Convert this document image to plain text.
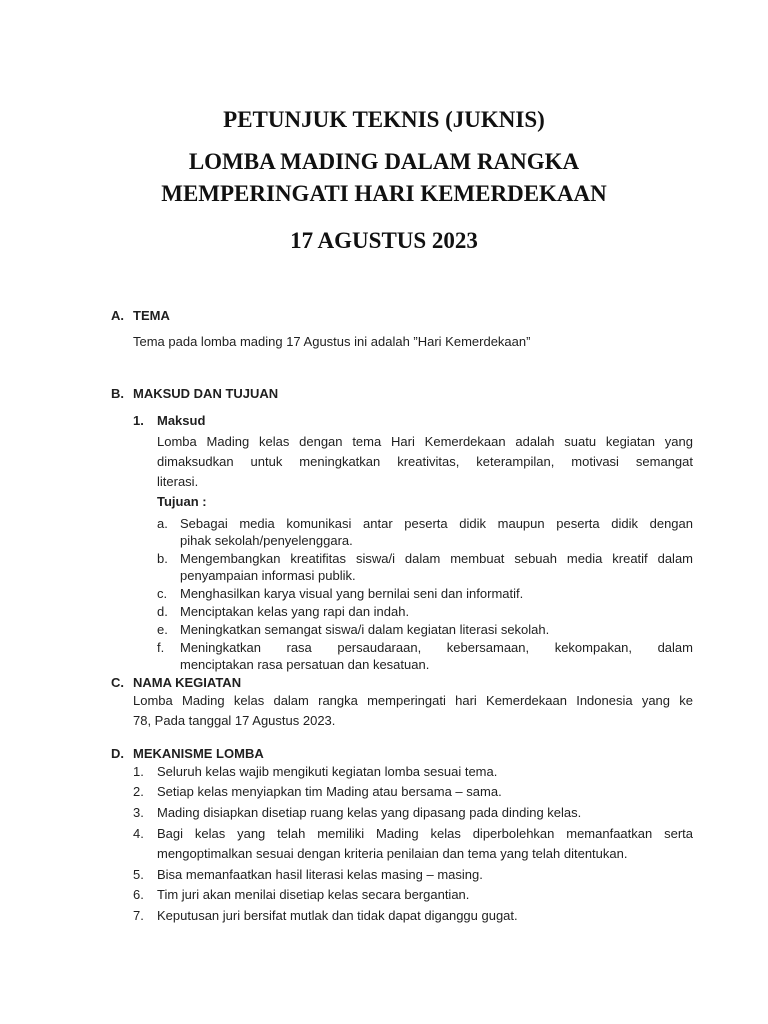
PETUNJUK TEKNIS (JUKNIS)
LOMBA MADING DALAM RANGKA
MEMPERINGATI HARI KEMERDEKAAN
17 AGUSTUS 2023
A. TEMA
Tema pada lomba mading 17 Agustus ini adalah ”Hari Kemerdekaan”
B. MAKSUD DAN TUJUAN
1. Maksud
Lomba Mading kelas dengan tema Hari Kemerdekaan adalah suatu kegiatan yang
dimaksudkan untuk meningkatkan kreativitas, keterampilan, motivasi semangat
literasi.
Tujuan :
a. Sebagai media komunikasi antar peserta didik maupun peserta didik dengan
pihak sekolah/penyelenggara.
b. Mengembangkan kreatifitas siswa/i dalam membuat sebuah media kreatif dalam
penyampaian informasi publik.
c. Menghasilkan karya visual yang bernilai seni dan informatif.
d. Menciptakan kelas yang rapi dan indah.
e. Meningkatkan semangat siswa/i dalam kegiatan literasi sekolah.
f. Meningkatkan rasa persaudaraan, kebersamaan, kekompakan, dalam
menciptakan rasa persatuan dan kesatuan.
C. NAMA KEGIATAN
Lomba Mading kelas dalam rangka memperingati hari Kemerdekaan Indonesia yang ke
78, Pada tanggal 17 Agustus 2023.
D. MEKANISME LOMBA
1. Seluruh kelas wajib mengikuti kegiatan lomba sesuai tema.
2. Setiap kelas menyiapkan tim Mading atau bersama – sama.
3. Mading disiapkan disetiap ruang kelas yang dipasang pada dinding kelas.
4. Bagi kelas yang telah memiliki Mading kelas diperbolehkan memanfaatkan serta
mengoptimalkan sesuai dengan kriteria penilaian dan tema yang telah ditentukan.
5. Bisa memanfaatkan hasil literasi kelas masing – masing.
6. Tim juri akan menilai disetiap kelas secara bergantian.
7. Keputusan juri bersifat mutlak dan tidak dapat diganggu gugat.
